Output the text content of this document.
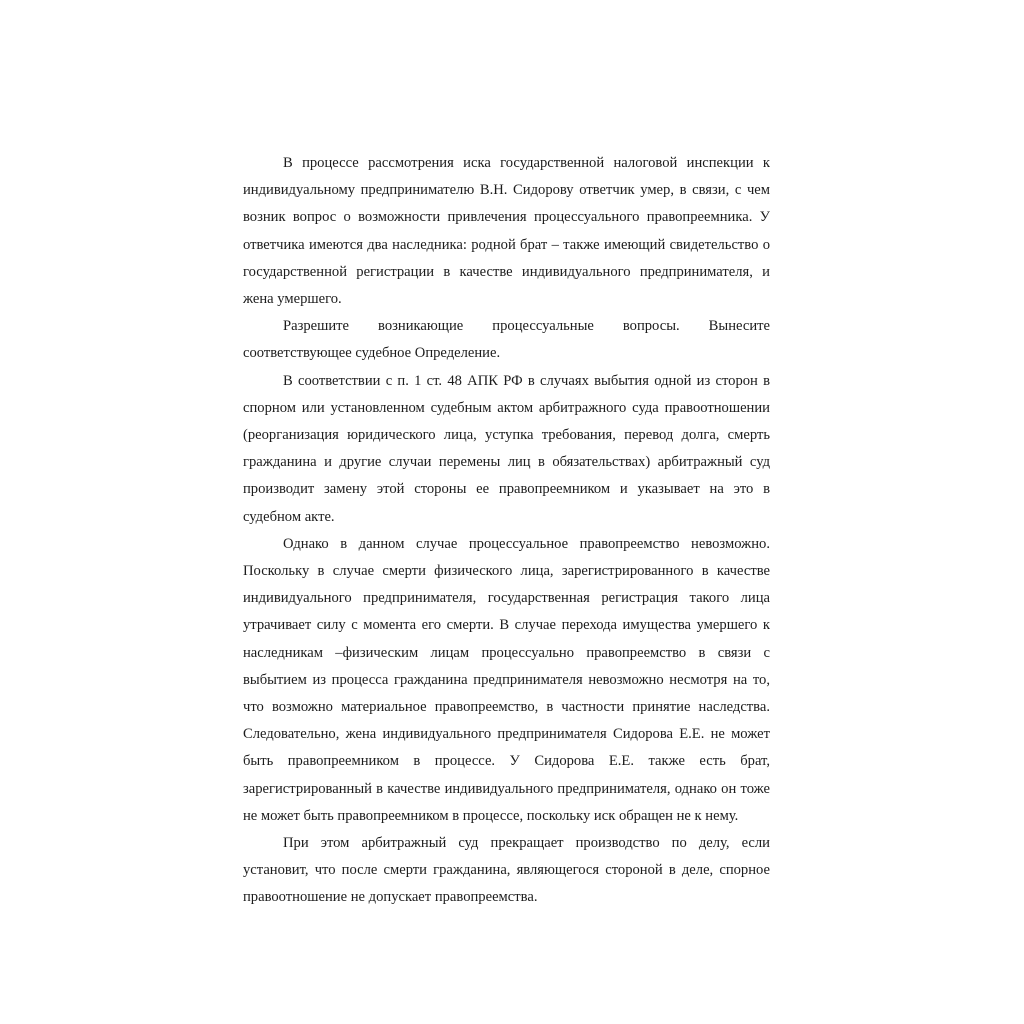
В процессе рассмотрения иска государственной налоговой инспекции к индивидуальному предпринимателю В.Н. Сидорову ответчик умер, в связи, с чем возник вопрос о возможности привлечения процессуального правопреемника. У ответчика имеются два наследника: родной брат – также имеющий свидетельство о государственной регистрации в качестве индивидуального предпринимателя, и жена умершего.

Разрешите возникающие процессуальные вопросы. Вынесите соответствующее судебное Определение.

В соответствии с п. 1 ст. 48 АПК РФ в случаях выбытия одной из сторон в спорном или установленном судебным актом арбитражного суда правоотношении (реорганизация юридического лица, уступка требования, перевод долга, смерть гражданина и другие случаи перемены лиц в обязательствах) арбитражный суд производит замену этой стороны ее правопреемником и указывает на это в судебном акте.

Однако в данном случае процессуальное правопреемство невозможно. Поскольку в случае смерти физического лица, зарегистрированного в качестве индивидуального предпринимателя, государственная регистрация такого лица утрачивает силу с момента его смерти. В случае перехода имущества умершего к наследникам –физическим лицам процессуально правопреемство в связи с выбытием из процесса гражданина предпринимателя невозможно несмотря на то, что возможно материальное правопреемство, в частности принятие наследства. Следовательно, жена индивидуального предпринимателя Сидорова Е.Е. не может быть правопреемником в процессе. У Сидорова Е.Е. также есть брат, зарегистрированный в качестве индивидуального предпринимателя, однако он тоже не может быть правопреемником в процессе, поскольку иск обращен не к нему.

При этом арбитражный суд прекращает производство по делу, если установит, что после смерти гражданина, являющегося стороной в деле, спорное правоотношение не допускает правопреемства.
